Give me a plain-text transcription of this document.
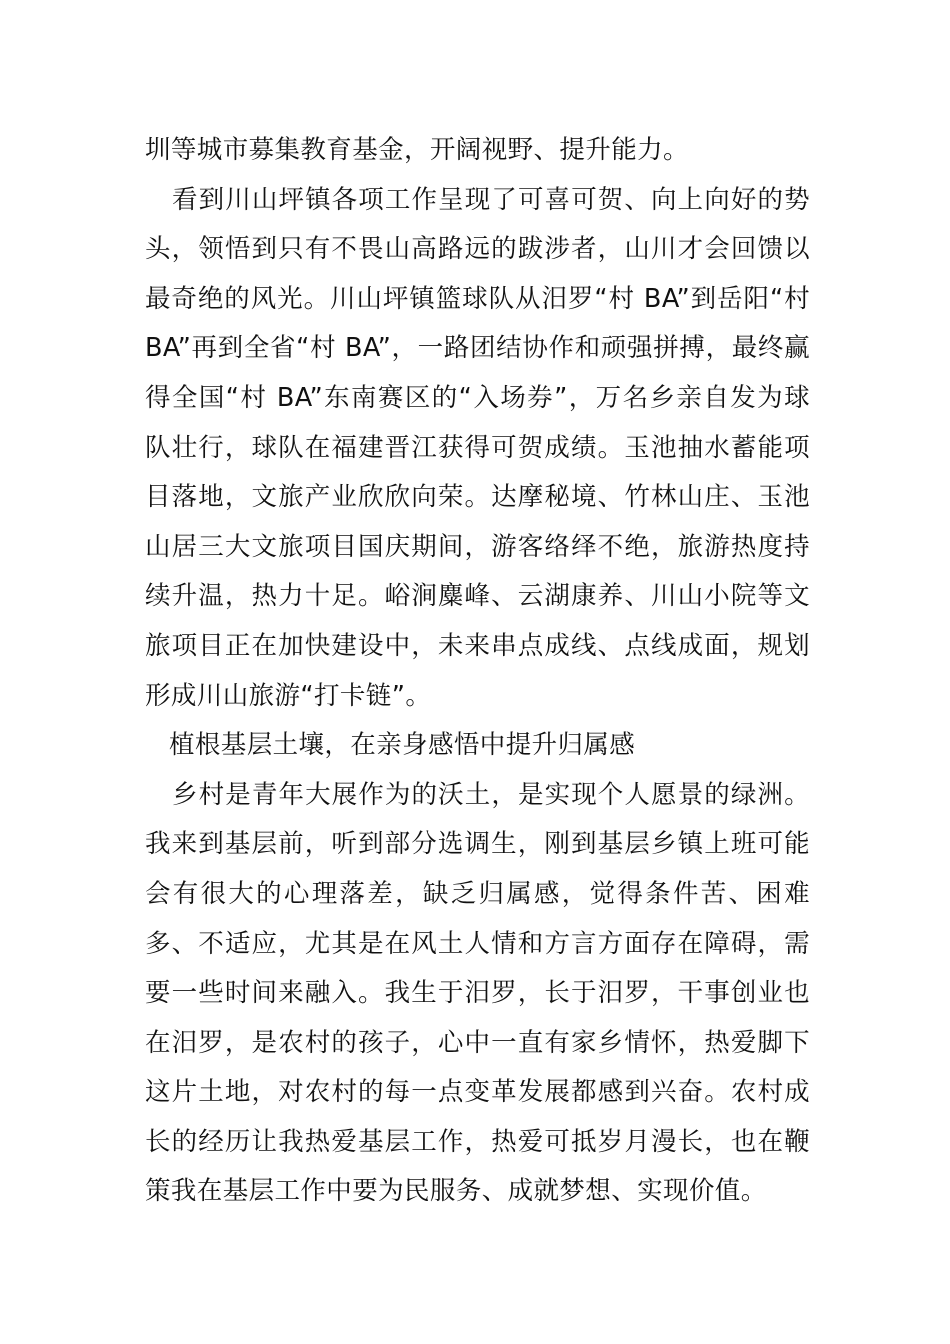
圳等城市募集教育基金，开阔视野、提升能力。

看到川山坪镇各项工作呈现了可喜可贺、向上向好的势头，领悟到只有不畏山高路远的跋涉者，山川才会回馈以最奇绝的风光。川山坪镇篮球队从汨罗“村 BA”到岳阳“村 BA”再到全省“村 BA”，一路团结协作和顽强拼搏，最终赢得全国“村 BA”东南赛区的“入场券”，万名乡亲自发为球队壮行，球队在福建晋江获得可贺成绩。玉池抽水蓄能项目落地，文旅产业欣欣向荣。达摩秘境、竹林山庄、玉池山居三大文旅项目国庆期间，游客络绎不绝，旅游热度持续升温，热力十足。峪涧麋峰、云湖康养、川山小院等文旅项目正在加快建设中，未来串点成线、点线成面，规划形成川山旅游“打卡链”。

植根基层土壤，在亲身感悟中提升归属感

乡村是青年大展作为的沃土，是实现个人愿景的绿洲。我来到基层前，听到部分选调生，刚到基层乡镇上班可能会有很大的心理落差，缺乏归属感，觉得条件苦、困难多、不适应，尤其是在风土人情和方言方面存在障碍，需要一些时间来融入。我生于汨罗，长于汨罗，干事创业也在汨罗，是农村的孩子，心中一直有家乡情怀，热爱脚下这片土地，对农村的每一点变革发展都感到兴奋。农村成长的经历让我热爱基层工作，热爱可抵岁月漫长，也在鞭策我在基层工作中要为民服务、成就梦想、实现价值。
